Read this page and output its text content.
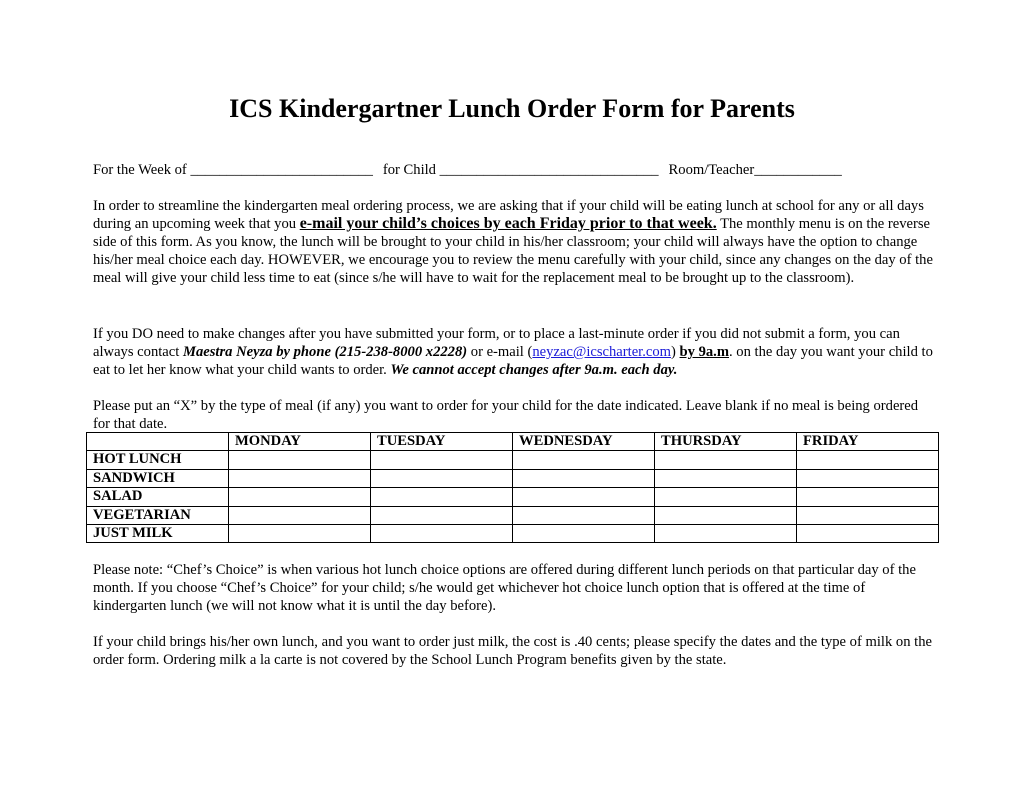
ICS Kindergartner Lunch Order Form for Parents

For the Week of _________________________ for Child ______________________________ Room/Teacher____________

In order to streamline the kindergarten meal ordering process, we are asking that if your child will be eating lunch at school for any or all days during an upcoming week that you e-mail your child’s choices by each Friday prior to that week. The monthly menu is on the reverse side of this form. As you know, the lunch will be brought to your child in his/her classroom; your child will always have the option to change his/her meal choice each day. HOWEVER, we encourage you to review the menu carefully with your child, since any changes on the day of the meal will give your child less time to eat (since s/he will have to wait for the replacement meal to be brought up to the classroom).

If you DO need to make changes after you have submitted your form, or to place a last-minute order if you did not submit a form, you can always contact Maestra Neyza by phone (215-238-8000 x2228) or e-mail (neyzac@icscharter.com) by 9a.m. on the day you want your child to eat to let her know what your child wants to order. We cannot accept changes after 9a.m. each day.

Please put an “X” by the type of meal (if any) you want to order for your child for the date indicated. Leave blank if no meal is being ordered for that date.

	MONDAY	TUESDAY	WEDNESDAY	THURSDAY	FRIDAY
HOT LUNCH					
SANDWICH					
SALAD					
VEGETARIAN					
JUST MILK					

Please note: “Chef’s Choice” is when various hot lunch choice options are offered during different lunch periods on that particular day of the month. If you choose “Chef’s Choice” for your child; s/he would get whichever hot choice lunch option that is offered at the time of kindergarten lunch (we will not know what it is until the day before).

If your child brings his/her own lunch, and you want to order just milk, the cost is .40 cents; please specify the dates and the type of milk on the order form. Ordering milk a la carte is not covered by the School Lunch Program benefits given by the state.
